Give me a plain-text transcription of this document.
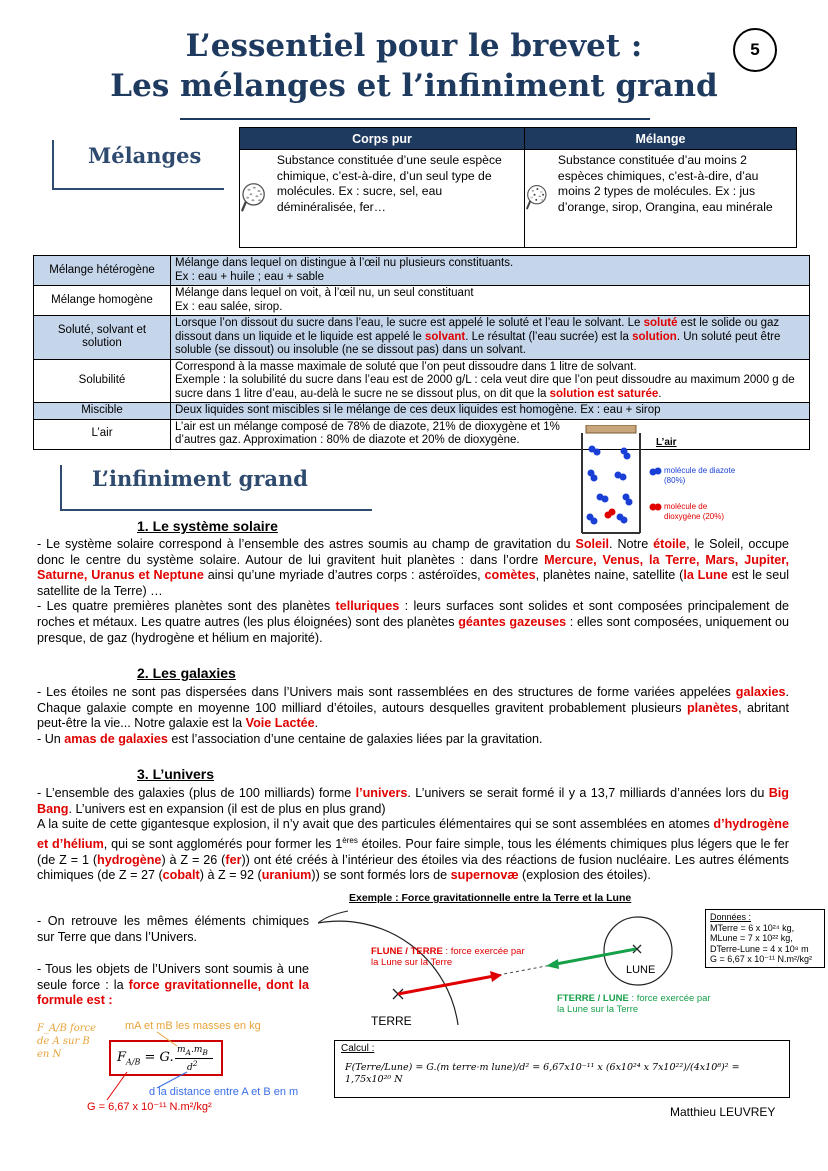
L’essentiel pour le brevet :
Les mélanges et l’infiniment grand
5
Mélanges
Corps pur	Mélange

Substance constituée d’une seule espèce chimique, c’est-à-dire, d’un seul type de molécules. Ex : sucre, sel, eau déminéralisée, fer…	Substance constituée d’au moins 2 espèces chimiques, c’est-à-dire, d’au moins 2 types de molécules. Ex : jus d’orange, sirop, Orangina, eau minérale
Mélange hétérogène	Mélange dans lequel on distingue à l’œil nu plusieurs constituants.
Ex : eau + huile ; eau + sable
Mélange homogène	Mélange dans lequel on voit, à l’œil nu, un seul constituant
Ex : eau salée, sirop.
Soluté, solvant et solution	Lorsque l’on dissout du sucre dans l’eau, le sucre est appelé le soluté et l’eau le solvant. Le soluté est le solide ou gaz dissout dans un liquide et le liquide est appelé le solvant. Le résultat (l’eau sucrée) est la solution. Un soluté peut être soluble (se dissout) ou insoluble (ne se dissout pas) dans un solvant.
Solubilité	Correspond à la masse maximale de soluté que l’on peut dissoudre dans 1 litre de solvant.
Exemple : la solubilité du sucre dans l’eau est de 2000 g/L : cela veut dire que l’on peut dissoudre au maximum 2000 g de sucre dans 1 litre d’eau, au-delà le sucre ne se dissout plus, on dit que la solution est saturée.
Miscible	Deux liquides sont miscibles si le mélange de ces deux liquides est homogène. Ex : eau + sirop
L’air	L’air est un mélange composé de 78% de diazote, 21% de dioxygène et 1% d’autres gaz. Approximation : 80% de diazote et 20% de dioxygène.	L’air
molécule de diazote (80%)
molécule de dioxygène (20%)
L’infiniment grand
1. Le système solaire
- Le système solaire correspond à l’ensemble des astres soumis au champ de gravitation du Soleil. Notre étoile, le Soleil, occupe donc le centre du système solaire. Autour de lui gravitent huit planètes : dans l’ordre Mercure, Venus, la Terre, Mars, Jupiter, Saturne, Uranus et Neptune ainsi qu’une myriade d’autres corps : astéroïdes, comètes, planètes naine, satellite (la Lune est le seul satellite de la Terre) …
- Les quatre premières planètes sont des planètes telluriques : leurs surfaces sont solides et sont composées principalement de roches et métaux. Les quatre autres (les plus éloignées) sont des planètes géantes gazeuses : elles sont composées, uniquement ou presque, de gaz (hydrogène et hélium en majorité).
2. Les galaxies
- Les étoiles ne sont pas dispersées dans l’Univers mais sont rassemblées en des structures de forme variées appelées galaxies. Chaque galaxie compte en moyenne 100 milliard d’étoiles, autours desquelles gravitent probablement plusieurs planètes, abritant peut-être la vie... Notre galaxie est la Voie Lactée.
- Un amas de galaxies est l’association d’une centaine de galaxies liées par la gravitation.
3. L’univers
- L’ensemble des galaxies (plus de 100 milliards) forme l’univers. L’univers se serait formé il y a 13,7 milliards d’années lors du Big Bang. L’univers est en expansion (il est de plus en plus grand)
A la suite de cette gigantesque explosion, il n’y avait que des particules élémentaires qui se sont assemblées en atomes d’hydrogène et d’hélium, qui se sont agglomérés pour former les 1ères étoiles. Pour faire simple, tous les éléments chimiques plus légers que le fer (de Z = 1 (hydrogène) à Z = 26 (fer)) ont été créés à l’intérieur des étoiles via des réactions de fusion nucléaire. Les autres éléments chimiques (de Z = 27 (cobalt) à Z = 92 (uranium)) se sont formés lors de supernovæ (explosion des étoiles).
- On retrouve les mêmes éléments chimiques sur Terre que dans l’Univers.
- Tous les objets de l’Univers sont soumis à une seule force : la force gravitationnelle, dont la formule est :
F_A/B force de A sur B en N
mA et mB les masses en kg
$F_{A/B} = G$. $m_A.m_B$
$d^2$
d la distance entre A et B en m
G = 6,67 x 10⁻¹¹ N.m²/kg²
Exemple : Force gravitationnelle entre la Terre et la Lune
FLUNE / TERRE : force exercée par la Lune sur la Terre
FTERRE / LUNE : force exercée par la Lune sur la Terre
TERRE
LUNE
Données :
MTerre = 6 x 10²⁴ kg,
MLune = 7 x 10²² kg,
DTerre-Lune = 4 x 10⁸ m
G = 6,67 x 10⁻¹¹ N.m²/kg²
Calcul :
F(Terre/Lune) = G.(m terre·m lune)/d² = 6,67x10⁻¹¹ x (6x10²⁴ x 7x10²²)/(4x10⁸)² = 1,75x10²⁰ N
Matthieu LEUVREY
